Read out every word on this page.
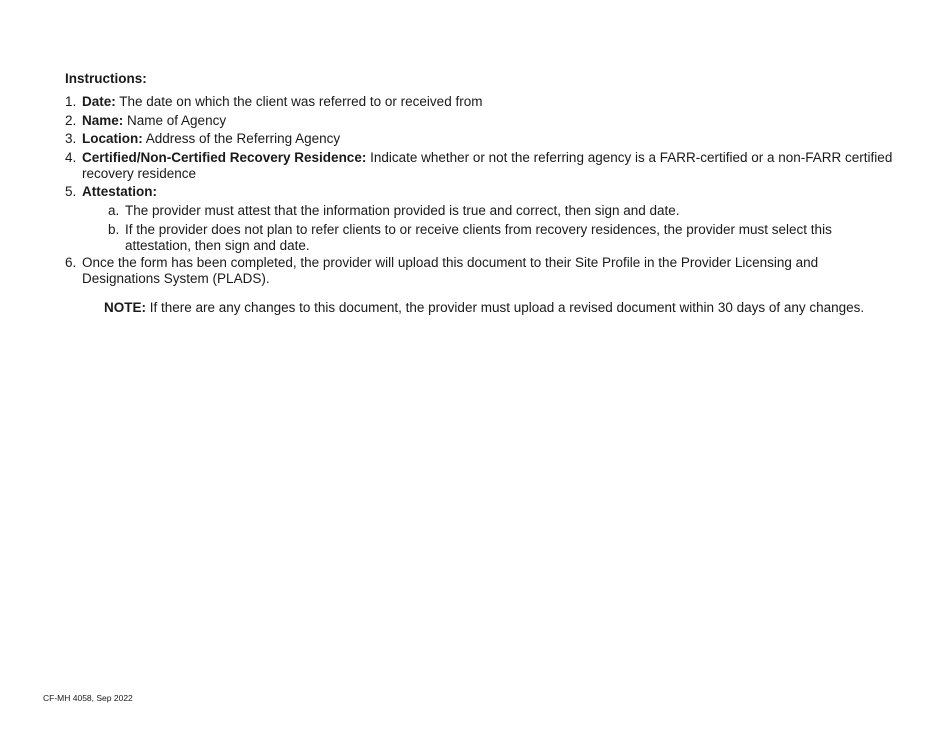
Instructions:
1. Date: The date on which the client was referred to or received from
2. Name: Name of Agency
3. Location: Address of the Referring Agency
4. Certified/Non-Certified Recovery Residence: Indicate whether or not the referring agency is a FARR-certified or a non-FARR certified recovery residence
5. Attestation:
a. The provider must attest that the information provided is true and correct, then sign and date.
b. If the provider does not plan to refer clients to or receive clients from recovery residences, the provider must select this attestation, then sign and date.
6. Once the form has been completed, the provider will upload this document to their Site Profile in the Provider Licensing and Designations System (PLADS).
NOTE: If there are any changes to this document, the provider must upload a revised document within 30 days of any changes.
CF-MH 4058, Sep 2022
